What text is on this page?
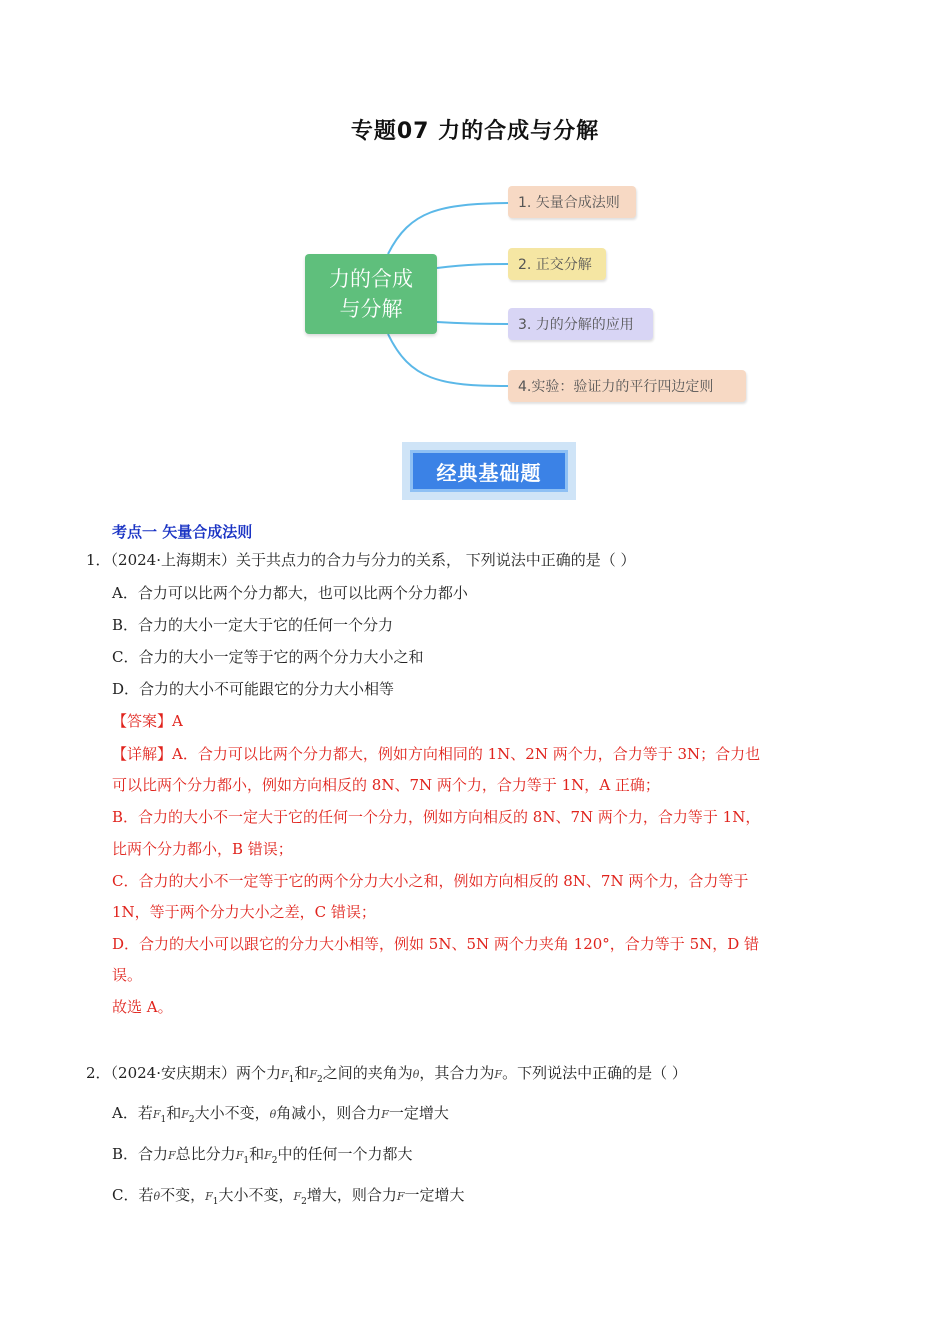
专题07 力的合成与分解
力的合成
与分解
1. 矢量合成法则
2. 正交分解
3. 力的分解的应用
4.实验：验证力的平行四边定则
经典基础题
考点一 矢量合成法则
1．（2024·上海期末）关于共点力的合力与分力的关系， 下列说法中正确的是（ ）
A．合力可以比两个分力都大，也可以比两个分力都小
B．合力的大小一定大于它的任何一个分力
C．合力的大小一定等于它的两个分力大小之和
D．合力的大小不可能跟它的分力大小相等
【答案】A
【详解】A．合力可以比两个分力都大，例如方向相同的 1N、2N 两个力，合力等于 3N；合力也
可以比两个分力都小，例如方向相反的 8N、7N 两个力，合力等于 1N，A 正确；
B．合力的大小不一定大于它的任何一个分力，例如方向相反的 8N、7N 两个力，合力等于 1N，
比两个分力都小，B 错误；
C．合力的大小不一定等于它的两个分力大小之和，例如方向相反的 8N、7N 两个力，合力等于
1N，等于两个分力大小之差，C 错误；
D．合力的大小可以跟它的分力大小相等，例如 5N、5N 两个力夹角 120°，合力等于 5N，D 错
误。
故选 A。
2．（2024·安庆期末）两个力$F_1$和$F_2$之间的夹角为θ，其合力为F。下列说法中正确的是（ ）
A．若$F_1$和$F_2$大小不变，θ角减小，则合力F一定增大
B．合力F总比分力$F_1$和$F_2$中的任何一个力都大
C．若θ不变，$F_1$大小不变，$F_2$增大，则合力F一定增大
